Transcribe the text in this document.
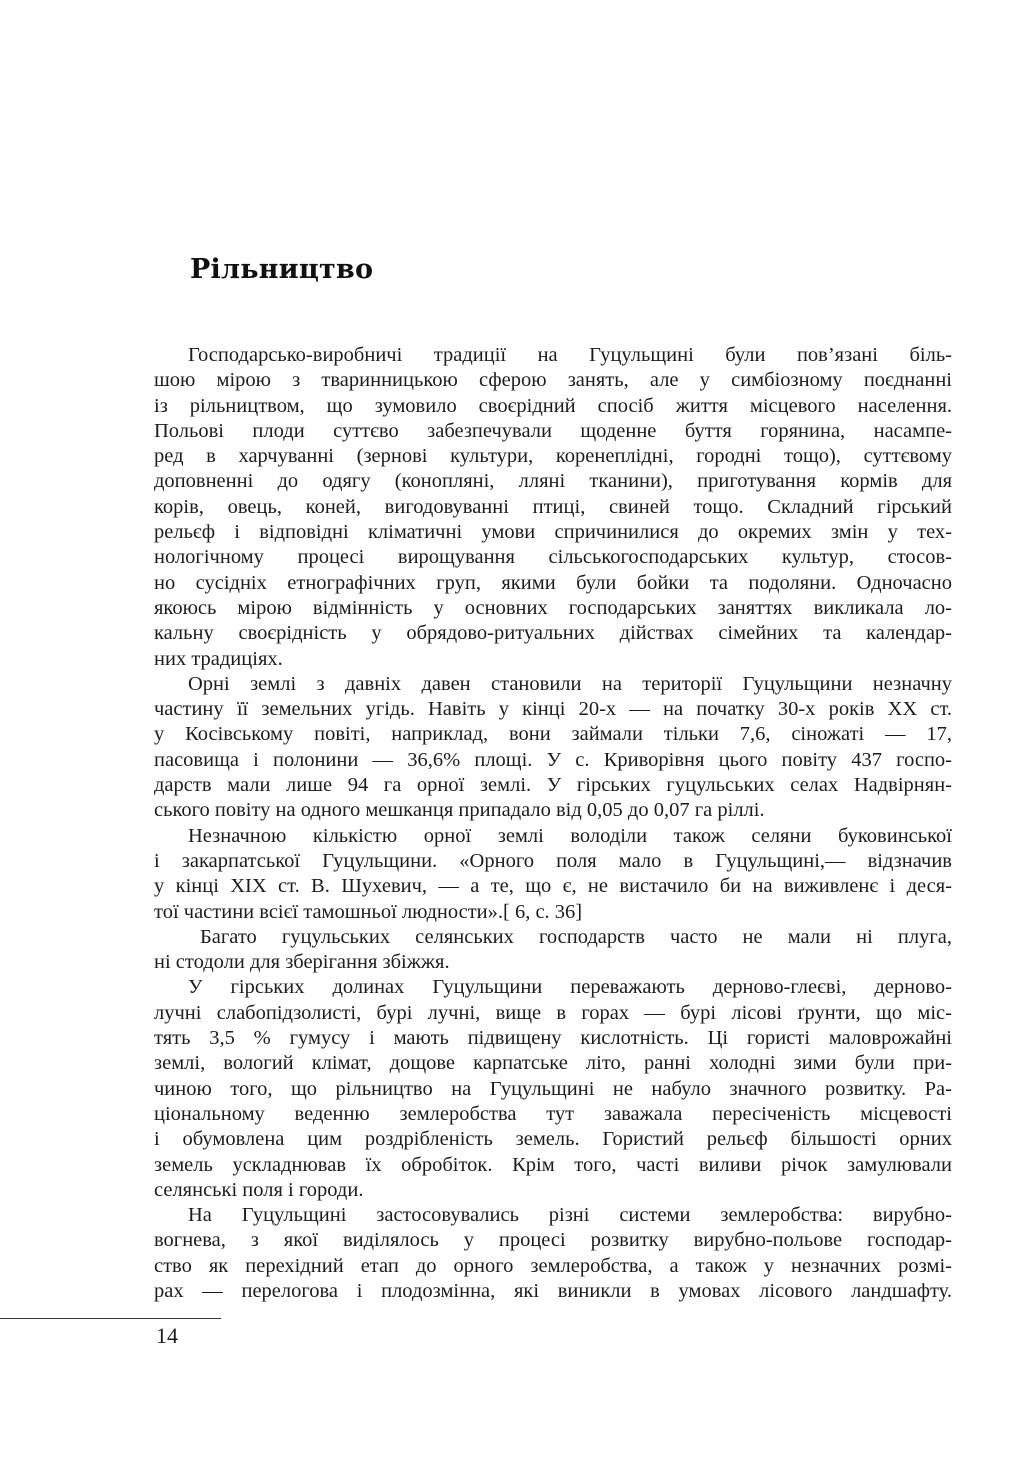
Рільництво
Господарсько-виробничі традиції на Гуцульщині були пов’язані біль-
шою мірою з тваринницькою сферою занять, але у симбіозному поєднанні
із рільництвом, що зумовило своєрідний спосіб життя місцевого населення.
Польові плоди суттєво забезпечували щоденне буття горянина, насампе-
ред в харчуванні (зернові культури, коренеплідні, городні тощо), суттєвому
доповненні до одягу (конопляні, лляні тканини), приготування кормів для
корів, овець, коней, вигодовуванні птиці, свиней тощо. Складний гірський
рельєф і відповідні кліматичні умови спричинилися до окремих змін у тех-
нологічному процесі вирощування сільськогосподарських культур, стосов-
но сусідніх етнографічних груп, якими були бойки та подоляни. Одночасно
якоюсь мірою відмінність у основних господарських заняттях викликала ло-
кальну своєрідність у обрядово-ритуальних дійствах сімейних та календар-
них традиціях.
Орні землі з давніх давен становили на території Гуцульщини незначну
частину її земельних угідь. Навіть у кінці 20-х — на початку 30-х років XX ст.
у Косівському повіті, наприклад, вони займали тільки 7,6, сіножаті — 17,
пасовища і полонини — 36,6% площі. У с. Криворівня цього повіту 437 госпо-
дарств мали лише 94 га орної землі. У гірських гуцульських селах Надвірнян-
ського повіту на одного мешканця припадало від 0,05 до 0,07 га ріллі.
Незначною кількістю орної землі володіли також селяни буковинської
і закарпатської Гуцульщини. «Орного поля мало в Гуцульщині,— відзначив
у кінці XIX ст. В. Шухевич, — а те, що є, не вистачило би на виживленє і деся-
тої частини всієї тамошньої людности».[ 6, с. 36]
Багато гуцульських селянських господарств часто не мали ні плуга,
ні стодоли для зберігання збіжжя.
У гірських долинах Гуцульщини переважають дерново-глеєві, дерново-
лучні слабопідзолисті, бурі лучні, вище в горах — бурі лісові ґрунти, що міс-
тять 3,5 % гумусу і мають підвищену кислотність. Ці гористі маловрожайні
землі, вологий клімат, дощове карпатське літо, ранні холодні зими були при-
чиною того, що рільництво на Гуцульщині не набуло значного розвитку. Ра-
ціональному веденню землеробства тут заважала пересіченість місцевості
і обумовлена цим роздрібленість земель. Гористий рельєф більшості орних
земель ускладнював їх обробіток. Крім того, часті виливи річок замулювали
селянські поля і городи.
На Гуцульщині застосовувались різні системи землеробства: вирубно-
вогнева, з якої виділялось у процесі розвитку вирубно-польове господар-
ство як перехідний етап до орного землеробства, а також у незначних розмі-
рах — перелогова і плодозмінна, які виникли в умовах лісового ландшафту.
14
